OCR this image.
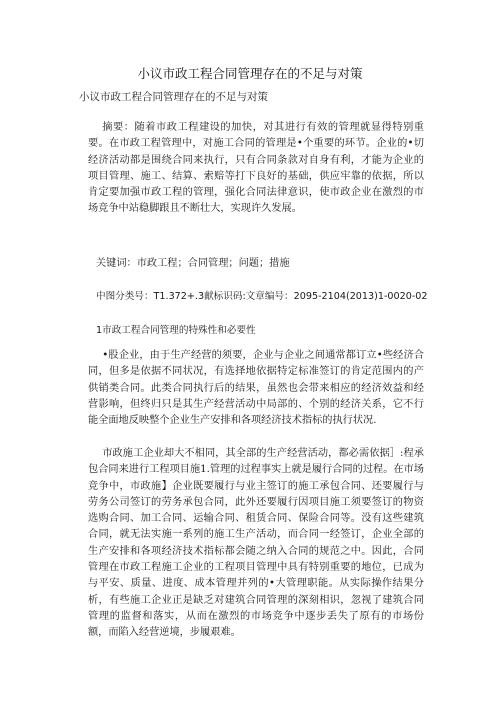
小议市政工程合同管理存在的不足与对策
小议市政工程合同管理存在的不足与对策

摘要：随着市政工程建设的加快，对其进行有效的管理就显得特别重要。在市政工程管理中，对施工合同的管理是•个重要的环节。企业的•切经济活动都是围绕合同来执行，只有合同条款对自身有利，才能为企业的项目管理、施工、结算、索赔等打下良好的基础，供应牢靠的依据，所以肯定要加强市政工程的管理，强化合同法律意识，使市政企业在激烈的市场竞争中站稳脚跟且不断壮大，实现许久发展。

关键词：市政工程；合同管理；问题；措施
中图分类号：T1.372+.3献标识码:文章编号：2095-2104(2013)1-0020-02
1市政工程合同管理的特殊性和必要性

•股企业，由于生产经营的须要，企业与企业之间通常都订立•些经济合同，但多是依据不同状况，有选择地依据特定标准签订的肯定范围内的产供销类合同。此类合同执行后的结果，虽然也会带来相应的经济效益和经营影响，但终归只是其生产经营活动中局部的、个别的经济关系，它不行能全面地反映整个企业生产安排和各项经济技术指标的执行状况.

市政施工企业却大不相同，其全部的生产经营活动，都必需依据］:程承包合同来进行工程项目施1.管理的过程事实上就是履行合同的过程。在市场竞争中，市政施】企业既要履行与业主签订的施工承包合同、还要履行与劳务公司签订的劳务承包合同，此外还要履行因项目施工须要签订的物资选购合同、加工合同、运输合同、租赁合同、保险合同等。没有这些建筑合同，就无法实施一系列的施工生产活动，而合同一经签订，企业全部的生产安排和各项经济技术指标都会随之纳入合同的规范之中。因此，合同管理在市政工程施工企业的工程项目管理中具有特别重要的地位，已成为与平安、质量、进度、成本管理并列的•大管理职能。从实际操作结果分析，有些施工企业正是缺乏对建筑合同管理的深刻相识，忽视了建筑合同管理的监督和落实，从而在激烈的市场竞争中逐步丢失了原有的市场份额，而陷入经营逆境，步履艰难。
